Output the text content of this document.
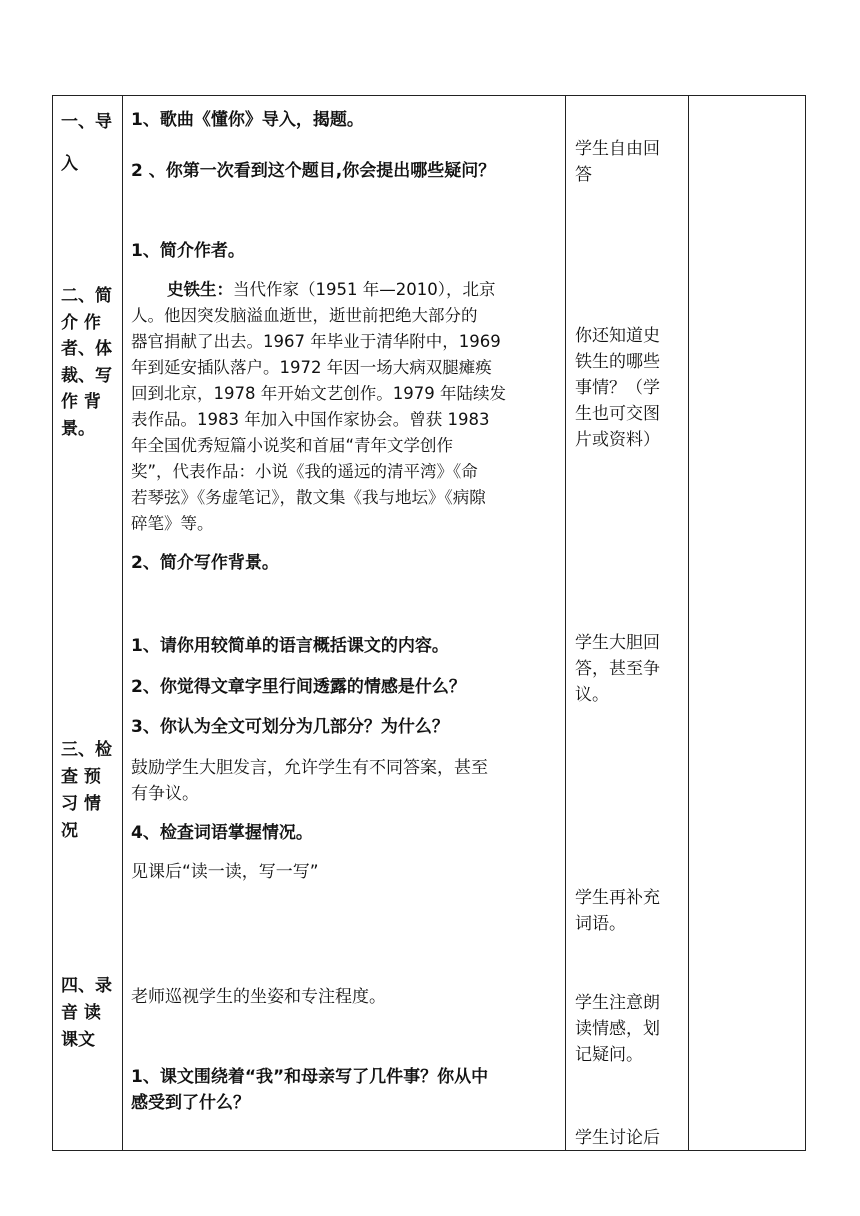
一、导
入
二、简
介 作
者、体
裁、写
作 背
景。
三、检
查 预
习 情
况
四、录
音 读
课文
1、歌曲《懂你》导入，揭题。
2 、你第一次看到这个题目,你会提出哪些疑问？
1、简介作者。
史铁生：当代作家（1951 年—2010），北京
人。他因突发脑溢血逝世，逝世前把绝大部分的
器官捐献了出去。1967 年毕业于清华附中，1969
年到延安插队落户。1972 年因一场大病双腿瘫痪
回到北京，1978 年开始文艺创作。1979 年陆续发
表作品。1983 年加入中国作家协会。曾获 1983
年全国优秀短篇小说奖和首届“青年文学创作
奖”，代表作品：小说《我的遥远的清平湾》《命
若琴弦》《务虚笔记》，散文集《我与地坛》《病隙
碎笔》等。
2、简介写作背景。
1、请你用较简单的语言概括课文的内容。
2、你觉得文章字里行间透露的情感是什么？
3、你认为全文可划分为几部分？为什么？
鼓励学生大胆发言，允许学生有不同答案，甚至
有争议。
4、检查词语掌握情况。
见课后“读一读，写一写”
老师巡视学生的坐姿和专注程度。
1、课文围绕着“我”和母亲写了几件事？你从中
感受到了什么？
学生自由回
答
你还知道史
铁生的哪些
事情？（学
生也可交图
片或资料）
学生大胆回
答，甚至争
议。
学生再补充
词语。
学生注意朗
读情感，划
记疑问。
学生讨论后
